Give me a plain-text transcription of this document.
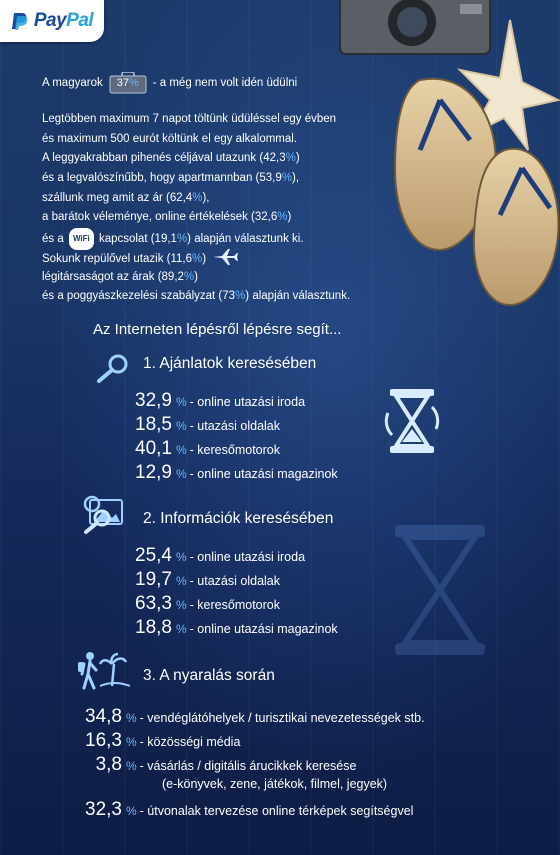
PayPal
A magyarok	37%	- a még nem volt idén üdülni
Legtöbben maximum 7 napot töltünk üdüléssel egy évben
és maximum 500 eurót költünk el egy alkalommal.
A leggyakrabban pihenés céljával utazunk (42,3%)
és a legvalószínűbb, hogy apartmannban (53,9%),
szállunk meg amit az ár (62,4%),
a barátok véleménye, online értékelések (32,6%)
és a WiFi kapcsolat (19,1%) alapján választunk ki.
Sokunk repülővel utazik (11,6%)
légitársaságot az árak (89,2%)
és a poggyászkezelési szabályzat (73%) alapján választunk.
Az Interneten lépésről lépésre segít...
1. Ajánlatok keresésében
2. Információk keresésében
3. A nyaralás során
32,9 % - online utazási iroda
18,5 % - utazási oldalak
40,1 % - keresőmotorok
12,9 % - online utazási magazinok
25,4 % - online utazási iroda
19,7 % - utazási oldalak
63,3 % - keresőmotorok
18,8 % - online utazási magazinok
34,8 % - vendéglátóhelyek / turisztikai nevezetességek stb.
16,3 % - közösségi média
3,8 % - vásárlás / digitális árucikkek keresése
32,3 % - útvonalak tervezése online térképek segítségvel
(e-könyvek, zene, játékok, filmel, jegyek)
